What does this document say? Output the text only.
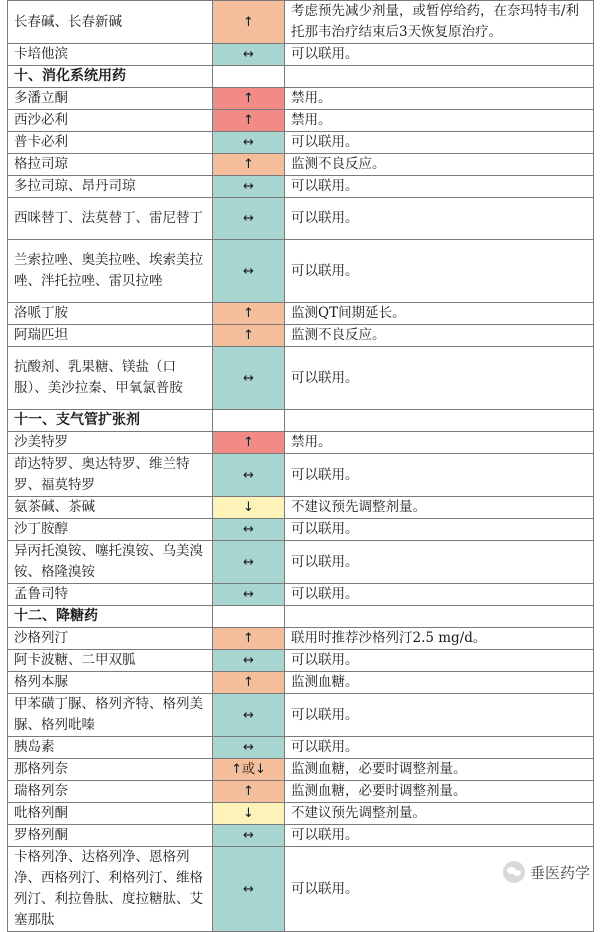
长春碱、长春新碱	↑	考虑预先减少剂量，或暂停给药，在奈玛特韦/利托那韦治疗结束后3天恢复原治疗。
卡培他滨	↔	可以联用。
十、消化系统用药		
多潘立酮	↑	禁用。
西沙必利	↑	禁用。
普卡必利	↔	可以联用。
格拉司琼	↑	监测不良反应。
多拉司琼、昂丹司琼	↔	可以联用。
西咪替丁、法莫替丁、雷尼替丁	↔	可以联用。
兰索拉唑、奥美拉唑、埃索美拉唑、泮托拉唑、雷贝拉唑	↔	可以联用。
洛哌丁胺	↑	监测QT间期延长。
阿瑞匹坦	↑	监测不良反应。
抗酸剂、乳果糖、镁盐（口服）、美沙拉秦、甲氧氯普胺	↔	可以联用。
十一、支气管扩张剂		
沙美特罗	↑	禁用。
茚达特罗、奥达特罗、维兰特罗、福莫特罗	↔	可以联用。
氨茶碱、茶碱	↓	不建议预先调整剂量。
沙丁胺醇	↔	可以联用。
异丙托溴铵、噻托溴铵、乌美溴铵、格隆溴铵	↔	可以联用。
孟鲁司特	↔	可以联用。
十二、降糖药		
沙格列汀	↑	联用时推荐沙格列汀2.5 mg/d。
阿卡波糖、二甲双胍	↔	可以联用。
格列本脲	↑	监测血糖。
甲苯磺丁脲、格列齐特、格列美脲、格列吡嗪	↔	可以联用。
胰岛素	↔	可以联用。
那格列奈	↑或↓	监测血糖，必要时调整剂量。
瑞格列奈	↑	监测血糖，必要时调整剂量。
吡格列酮	↓	不建议预先调整剂量。
罗格列酮	↔	可以联用。
卡格列净、达格列净、恩格列净、西格列汀、利格列汀、维格列汀、利拉鲁肽、度拉糖肽、艾塞那肽	↔	可以联用。
垂医药学
